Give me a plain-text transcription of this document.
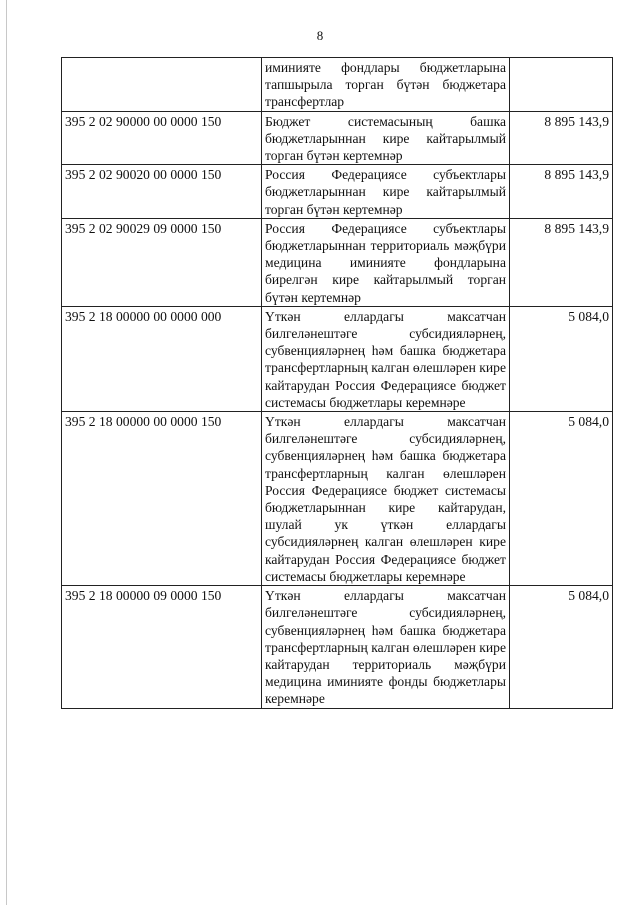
8
	иминияте фондлары бюджетларына тапшырыла торган бүтән бюджетара трансфертлар	
395 2 02 90000 00 0000 150	Бюджет системасының башка бюджетларыннан кире кайтарылмый торган бүтән кертемнәр	8 895 143,9
395 2 02 90020 00 0000 150	Россия Федерациясе субъектлары бюджетларыннан кире кайтарылмый торган бүтән кертемнәр	8 895 143,9
395 2 02 90029 09 0000 150	Россия Федерациясе субъектлары бюджетларыннан территориаль мәҗбүри медицина иминияте фондларына бирелгән кире кайтарылмый торган бүтән кертемнәр	8 895 143,9
395 2 18 00000 00 0000 000	Үткән еллардагы максатчан билгеләнештәге субсидияләрнең, субвенцияләрнең һәм башка бюджетара трансфертларның калган өлешләрен кире кайтарудан Россия Федерациясе бюджет системасы бюджетлары керемнәре	5 084,0
395 2 18 00000 00 0000 150	Үткән еллардагы максатчан билгеләнештәге субсидияләрнең, субвенцияләрнең һәм башка бюджетара трансфертларның калган өлешләрен Россия Федерациясе бюджет системасы бюджетларыннан кире кайтарудан, шулай ук үткән еллардагы субсидияләрнең калган өлешләрен кире кайтарудан Россия Федерациясе бюджет системасы бюджетлары керемнәре	5 084,0
395 2 18 00000 09 0000 150	Үткән еллардагы максатчан билгеләнештәге субсидияләрнең, субвенцияләрнең һәм башка бюджетара трансфертларның калган өлешләрен кире кайтарудан территориаль мәҗбүри медицина иминияте фонды бюджетлары керемнәре	5 084,0
